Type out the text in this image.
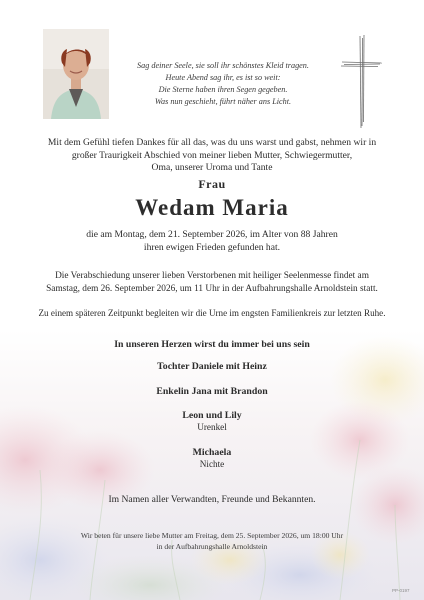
Sag deiner Seele, sie soll ihr schönstes Kleid tragen.
Heute Abend sag ihr, es ist so weit:
Die Sterne haben ihren Segen gegeben.
Was nun geschieht, führt näher ans Licht.
Mit dem Gefühl tiefen Dankes für all das, was du uns warst und gabst, nehmen wir in
großer Traurigkeit Abschied von meiner lieben Mutter, Schwiegermutter,
Oma, unserer Uroma und Tante
Frau
Wedam Maria
die am Montag, dem 21. September 2026, im Alter von 88 Jahren
ihren ewigen Frieden gefunden hat.
Die Verabschiedung unserer lieben Verstorbenen mit heiliger Seelenmesse findet am
Samstag, dem 26. September 2026, um 11 Uhr in der Aufbahrungshalle Arnoldstein statt.
Zu einem späteren Zeitpunkt begleiten wir die Urne im engsten Familienkreis zur letzten Ruhe.
In unseren Herzen wirst du immer bei uns sein
Tochter Daniele mit Heinz
Enkelin Jana mit Brandon
Leon und Lily
Urenkel
Michaela
Nichte
Im Namen aller Verwandten, Freunde und Bekannten.
Wir beten für unsere liebe Mutter am Freitag, dem 25. September 2026, um 18:00 Uhr
in der Aufbahrungshalle Arnoldstein
PP-0197
